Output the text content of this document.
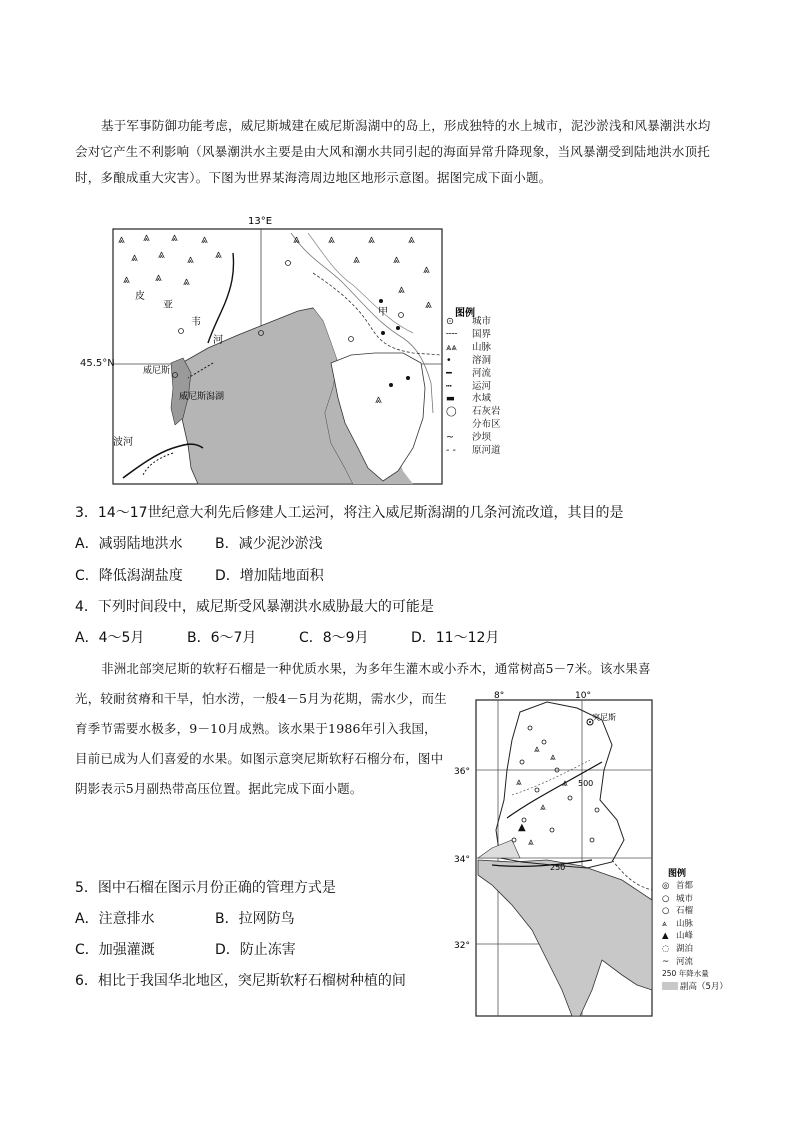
基于军事防御功能考虑，威尼斯城建在威尼斯潟湖中的岛上，形成独特的水上城市，泥沙淤浅和风暴潮洪水均会对它产生不利影响（风暴潮洪水主要是由大风和潮水共同引起的海面异常升降现象，当风暴潮受到陆地洪水顶托时，多酿成重大灾害）。下图为世界某海湾周边地区地形示意图。据图完成下面小题。
13°E
⩓ ⩓ ⩓ ⩓
⩓ ⩓ ⩓ ⩓
⩓ ⩓ ⩓
⩓ ⩓	⩓	⩓
⩓	⩓
⩓
⩓
⩓
⩓
皮
亚
韦
河
威尼斯
威尼斯潟湖
波河
甲	图例
45.5°N
⊙ 城市
╌╌ 国界
⩓⩓ 山脉
• 溶洞
━ 河流
┅ 运河
▬ 水域
◯ 石灰岩
分布区
~ 沙坝
- - 原河道
3．14～17世纪意大利先后修建人工运河，将注入威尼斯潟湖的几条河流改道，其目的是
A．减弱陆地洪水 B．减少泥沙淤浅
C．降低潟湖盐度 D．增加陆地面积
4．下列时间段中，威尼斯受风暴潮洪水威胁最大的可能是
A．4～5月	B．6～7月	C．8～9月	D．11～12月
非洲北部突尼斯的软籽石榴是一种优质水果，为多年生灌木或小乔木，通常树高5－7米。该水果喜
光，较耐贫瘠和干旱，怕水涝，一般4－5月为花期，需水少，而生育季节需要水极多，9－10月成熟。该水果于1986年引入我国，目前已成为人们喜爱的水果。如图示意突尼斯软籽石榴分布，图中阴影表示5月副热带高压位置。据此完成下面小题。
8°	10°
36°
34°
32°
500
250
⩓
⩓
⩓	⩓
▲
⩓
⩓
突尼斯
图例
◎ 首都
○ 城市
○ 石榴
⩓ 山脉
▲ 山峰
◌ 湖泊
~ 河流
250 年降水量
副高（5月）
5．图中石榴在图示月份正确的管理方式是
A．注意排水	B．拉网防鸟
C．加强灌溉	D．防止冻害
6．相比于我国华北地区，突尼斯软籽石榴树种植的间
